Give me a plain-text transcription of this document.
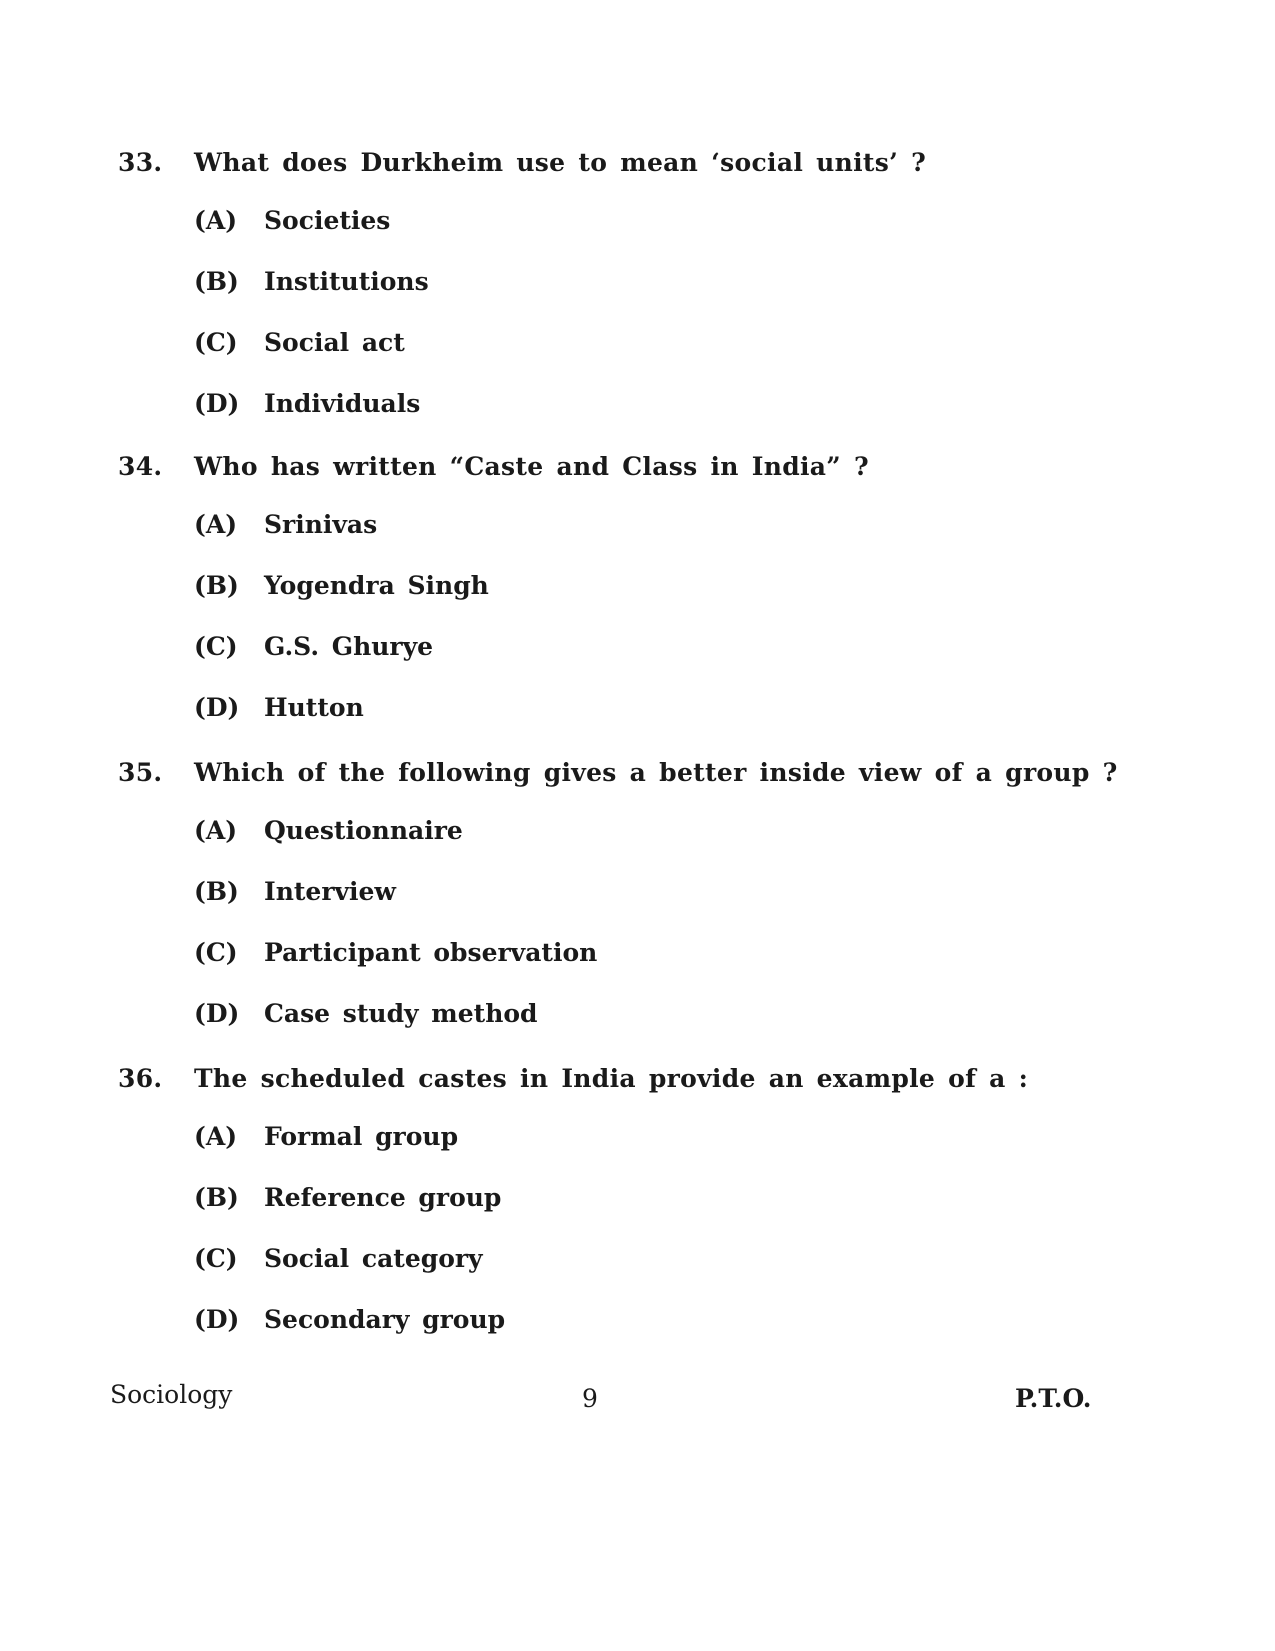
33. What does Durkheim use to mean ‘social units’ ?
(A) Societies
(B) Institutions
(C) Social act
(D) Individuals
34. Who has written “Caste and Class in India” ?
(A) Srinivas
(B) Yogendra Singh
(C) G.S. Ghurye
(D) Hutton
35. Which of the following gives a better inside view of a group ?
(A) Questionnaire
(B) Interview
(C) Participant observation
(D) Case study method
36. The scheduled castes in India provide an example of a :
(A) Formal group
(B) Reference group
(C) Social category
(D) Secondary group
Sociology	9	P.T.O.
